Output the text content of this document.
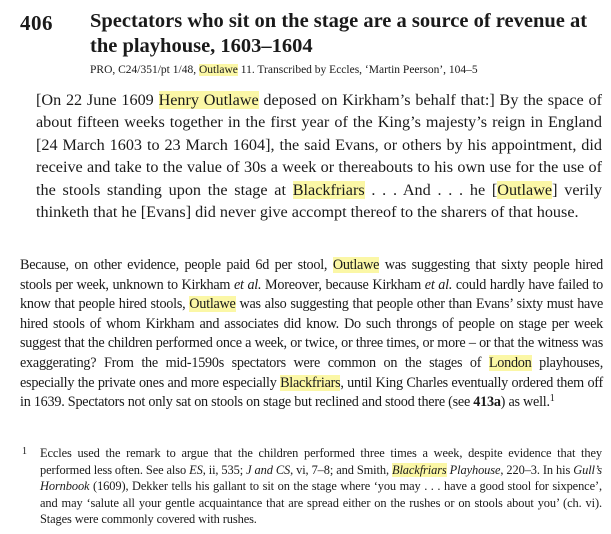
406 Spectators who sit on the stage are a source of revenue at the playhouse, 1603–1604
PRO, C24/351/pt 1/48, Outlawe 11. Transcribed by Eccles, ‘Martin Peerson’, 104–5
[On 22 June 1609 Henry Outlawe deposed on Kirkham’s behalf that:] By the space of about fifteen weeks together in the first year of the King’s majesty’s reign in England [24 March 1603 to 23 March 1604], the said Evans, or others by his appointment, did receive and take to the value of 30s a week or thereabouts to his own use for the use of the stools standing upon the stage at Blackfriars . . . And . . . he [Outlawe] verily thinketh that he [Evans] did never give accompt thereof to the sharers of that house.
Because, on other evidence, people paid 6d per stool, Outlawe was suggesting that sixty people hired stools per week, unknown to Kirkham et al. Moreover, because Kirkham et al. could hardly have failed to know that people hired stools, Outlawe was also suggesting that people other than Evans’ sixty must have hired stools of whom Kirkham and associates did know. Do such throngs of people on stage per week suggest that the children performed once a week, or twice, or three times, or more – or that the witness was exaggerating? From the mid-1590s spectators were common on the stages of London playhouses, especially the private ones and more especially Blackfriars, until King Charles eventually ordered them off in 1639. Spectators not only sat on stools on stage but reclined and stood there (see 413a) as well.$^1$
1 Eccles used the remark to argue that the children performed three times a week, despite evidence that they performed less often. See also ES, ii, 535; J and CS, vi, 7–8; and Smith, Blackfriars Playhouse, 220–3. In his Gull’s Hornbook (1609), Dekker tells his gallant to sit on the stage where ‘you may . . . have a good stool for sixpence’, and may ‘salute all your gentle acquaintance that are spread either on the rushes or on stools about you’ (ch. vi). Stages were commonly covered with rushes.
